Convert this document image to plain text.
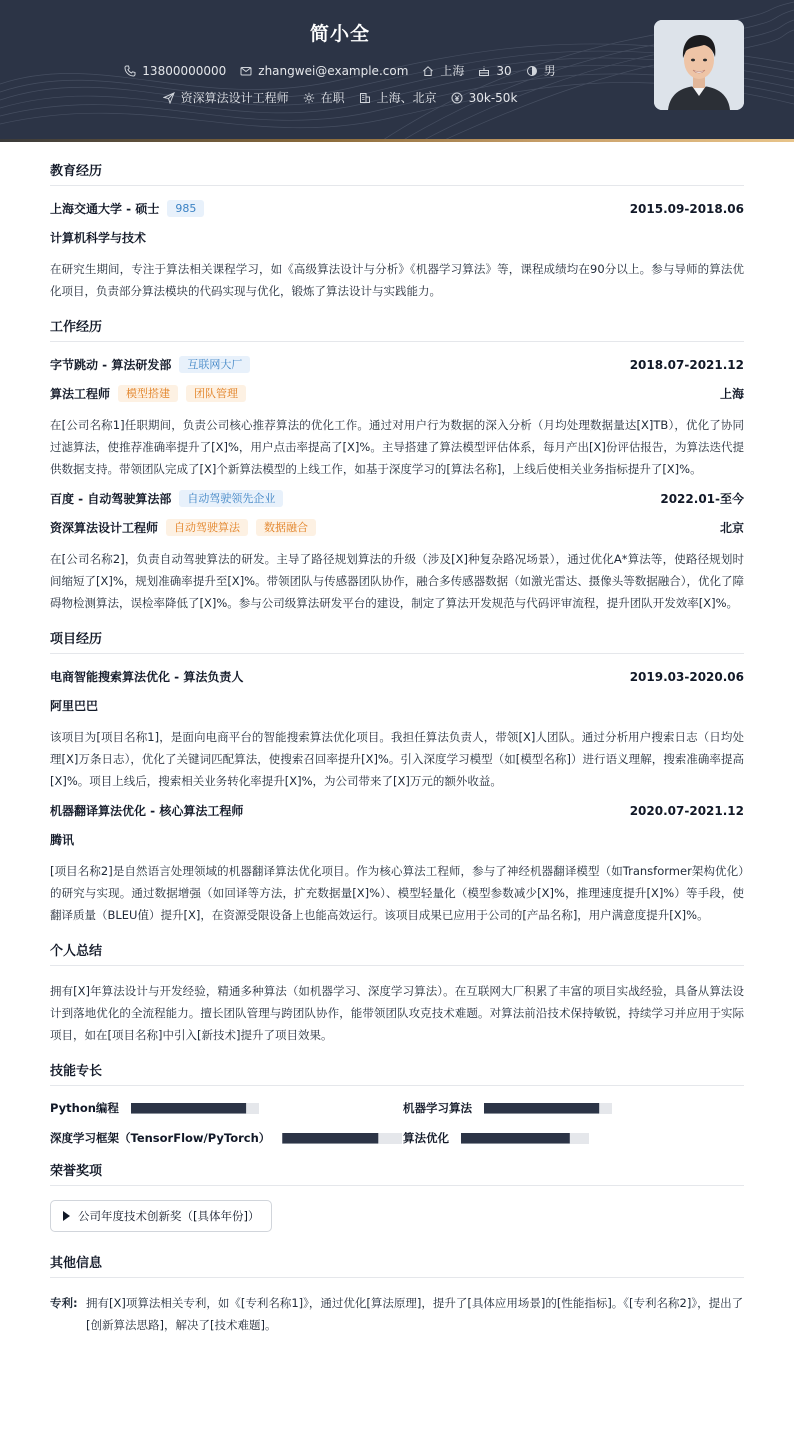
简小全
13800000000	zhangwei@example.com	上海	30	男
资深算法设计工程师	在职	上海、北京	30k-50k
教育经历
上海交通大学 - 硕士	985	2015.09-2018.06
计算机科学与技术

在研究生期间，专注于算法相关课程学习，如《高级算法设计与分析》《机器学习算法》等，课程成绩均在90分以上。参与导师的算法优化项目，负责部分算法模块的代码实现与优化，锻炼了算法设计与实践能力。

工作经历
字节跳动 - 算法研发部	互联网大厂	2018.07-2021.12
算法工程师	模型搭建	团队管理	上海

在[公司名称1]任职期间，负责公司核心推荐算法的优化工作。通过对用户行为数据的深入分析（月均处理数据量达[X]TB），优化了协同过滤算法，使推荐准确率提升了[X]%，用户点击率提高了[X]%。主导搭建了算法模型评估体系，每月产出[X]份评估报告，为算法迭代提供数据支持。带领团队完成了[X]个新算法模型的上线工作，如基于深度学习的[算法名称]，上线后使相关业务指标提升了[X]%。

百度 - 自动驾驶算法部	自动驾驶领先企业	2022.01-至今
资深算法设计工程师	自动驾驶算法	数据融合	北京

在[公司名称2]，负责自动驾驶算法的研发。主导了路径规划算法的升级（涉及[X]种复杂路况场景），通过优化A*算法等，使路径规划时间缩短了[X]%，规划准确率提升至[X]%。带领团队与传感器团队协作，融合多传感器数据（如激光雷达、摄像头等数据融合），优化了障碍物检测算法，误检率降低了[X]%。参与公司级算法研发平台的建设，制定了算法开发规范与代码评审流程，提升团队开发效率[X]%。

项目经历
电商智能搜索算法优化 - 算法负责人	2019.03-2020.06
阿里巴巴

该项目为[项目名称1]，是面向电商平台的智能搜索算法优化项目。我担任算法负责人，带领[X]人团队。通过分析用户搜索日志（日均处理[X]万条日志），优化了关键词匹配算法，使搜索召回率提升[X]%。引入深度学习模型（如[模型名称]）进行语义理解，搜索准确率提高[X]%。项目上线后，搜索相关业务转化率提升[X]%，为公司带来了[X]万元的额外收益。

机器翻译算法优化 - 核心算法工程师	2020.07-2021.12
腾讯

[项目名称2]是自然语言处理领域的机器翻译算法优化项目。作为核心算法工程师，参与了神经机器翻译模型（如Transformer架构优化）的研究与实现。通过数据增强（如回译等方法，扩充数据量[X]%）、模型轻量化（模型参数减少[X]%，推理速度提升[X]%）等手段，使翻译质量（BLEU值）提升[X]，在资源受限设备上也能高效运行。该项目成果已应用于公司的[产品名称]，用户满意度提升[X]%。

个人总结

拥有[X]年算法设计与开发经验，精通多种算法（如机器学习、深度学习算法）。在互联网大厂积累了丰富的项目实战经验，具备从算法设计到落地优化的全流程能力。擅长团队管理与跨团队协作，能带领团队攻克技术难题。对算法前沿技术保持敏锐，持续学习并应用于实际项目，如在[项目名称]中引入[新技术]提升了项目效果。

技能专长
Python编程	机器学习算法
深度学习框架（TensorFlow/PyTorch）	算法优化
荣誉奖项
公司年度技术创新奖（[具体年份]）
其他信息
专利: 拥有[X]项算法相关专利，如《[专利名称1]》，通过优化[算法原理]，提升了[具体应用场景]的[性能指标]。《[专利名称2]》，提出了[创新算法思路]，解决了[技术难题]。
